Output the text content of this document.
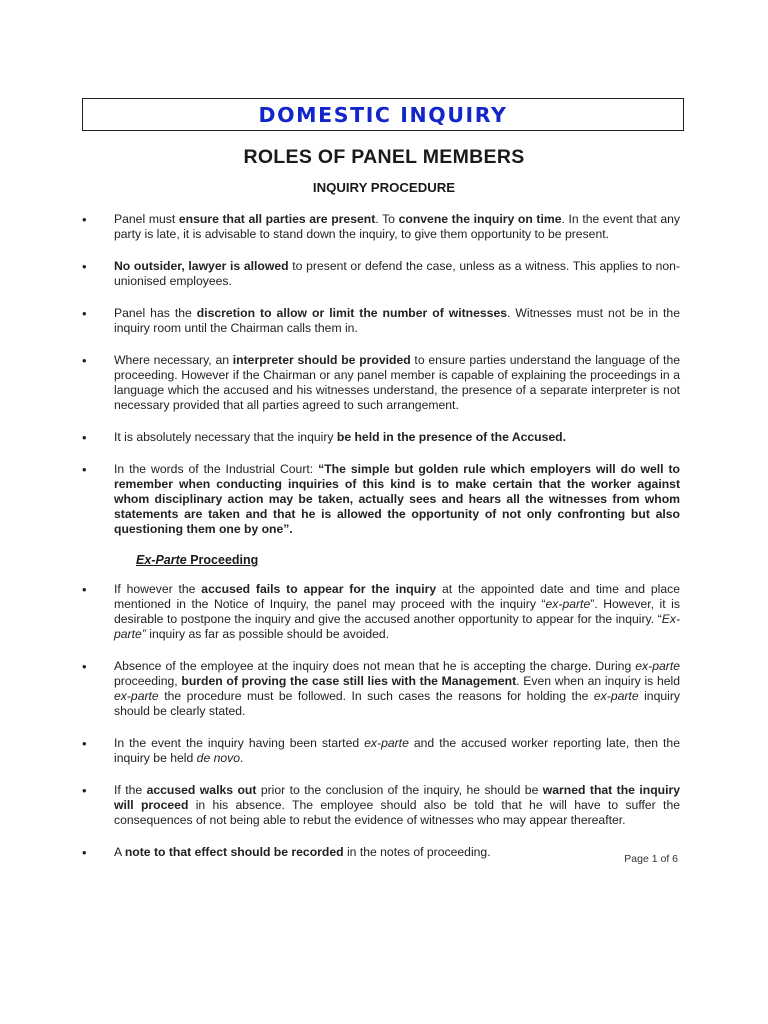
DOMESTIC INQUIRY
ROLES OF PANEL MEMBERS
INQUIRY PROCEDURE
• Panel must ensure that all parties are present. To convene the inquiry on time. In the event that any party is late, it is advisable to stand down the inquiry, to give them opportunity to be present.
• No outsider, lawyer is allowed to present or defend the case, unless as a witness. This applies to non-unionised employees.
• Panel has the discretion to allow or limit the number of witnesses. Witnesses must not be in the inquiry room until the Chairman calls them in.
• Where necessary, an interpreter should be provided to ensure parties understand the language of the proceeding. However if the Chairman or any panel member is capable of explaining the proceedings in a language which the accused and his witnesses understand, the presence of a separate interpreter is not necessary provided that all parties agreed to such arrangement.
• It is absolutely necessary that the inquiry be held in the presence of the Accused.
• In the words of the Industrial Court: “The simple but golden rule which employers will do well to remember when conducting inquiries of this kind is to make certain that the worker against whom disciplinary action may be taken, actually sees and hears all the witnesses from whom statements are taken and that he is allowed the opportunity of not only confronting but also questioning them one by one”.
Ex-Parte Proceeding
• If however the accused fails to appear for the inquiry at the appointed date and time and place mentioned in the Notice of Inquiry, the panel may proceed with the inquiry “ex-parte”. However, it is desirable to postpone the inquiry and give the accused another opportunity to appear for the inquiry. “Ex-parte” inquiry as far as possible should be avoided.
• Absence of the employee at the inquiry does not mean that he is accepting the charge. During ex-parte proceeding, burden of proving the case still lies with the Management. Even when an inquiry is held ex-parte the procedure must be followed. In such cases the reasons for holding the ex-parte inquiry should be clearly stated.
• In the event the inquiry having been started ex-parte and the accused worker reporting late, then the inquiry be held de novo.
• If the accused walks out prior to the conclusion of the inquiry, he should be warned that the inquiry will proceed in his absence. The employee should also be told that he will have to suffer the consequences of not being able to rebut the evidence of witnesses who may appear thereafter.
• A note to that effect should be recorded in the notes of proceeding.	Page 1 of 6
